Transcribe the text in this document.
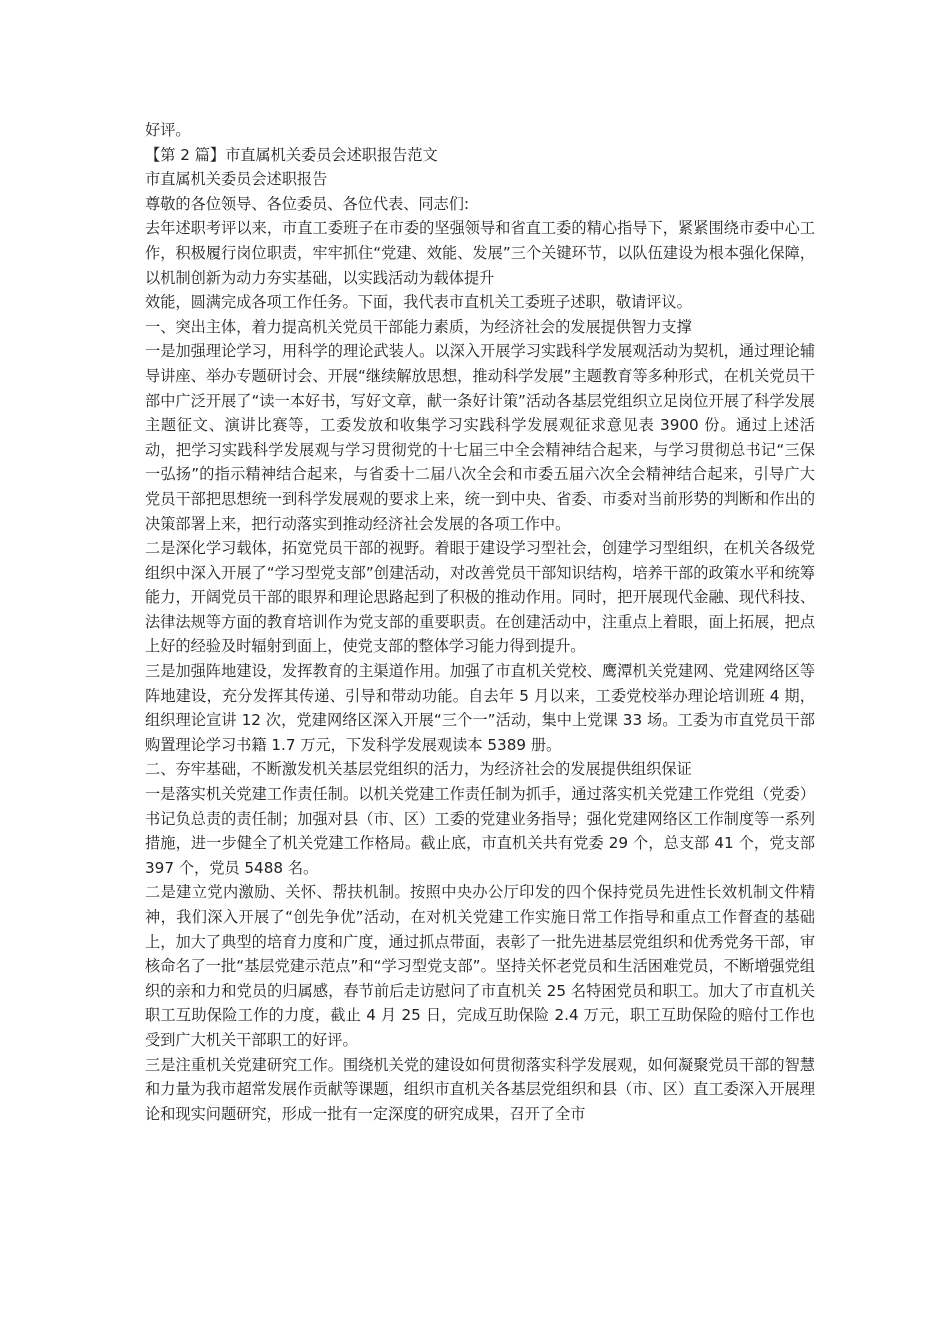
好评。

【第 2 篇】市直属机关委员会述职报告范文

市直属机关委员会述职报告

尊敬的各位领导、各位委员、各位代表、同志们:

去年述职考评以来，市直工委班子在市委的坚强领导和省直工委的精心指导下，紧紧围绕市委中心工作，积极履行岗位职责，牢牢抓住“党建、效能、发展”三个关键环节，以队伍建设为根本强化保障，以机制创新为动力夯实基础，以实践活动为载体提升

效能，圆满完成各项工作任务。下面，我代表市直机关工委班子述职，敬请评议。

一、突出主体，着力提高机关党员干部能力素质，为经济社会的发展提供智力支撑

一是加强理论学习，用科学的理论武装人。以深入开展学习实践科学发展观活动为契机，通过理论辅导讲座、举办专题研讨会、开展“继续解放思想，推动科学发展”主题教育等多种形式，在机关党员干部中广泛开展了“读一本好书，写好文章，献一条好计策”活动各基层党组织立足岗位开展了科学发展主题征文、演讲比赛等，工委发放和收集学习实践科学发展观征求意见表 3900 份。通过上述活动，把学习实践科学发展观与学习贯彻党的十七届三中全会精神结合起来，与学习贯彻总书记“三保一弘扬”的指示精神结合起来，与省委十二届八次全会和市委五届六次全会精神结合起来，引导广大党员干部把思想统一到科学发展观的要求上来，统一到中央、省委、市委对当前形势的判断和作出的决策部署上来，把行动落实到推动经济社会发展的各项工作中。

二是深化学习载体，拓宽党员干部的视野。着眼于建设学习型社会，创建学习型组织，在机关各级党组织中深入开展了“学习型党支部”创建活动，对改善党员干部知识结构，培养干部的政策水平和统筹能力，开阔党员干部的眼界和理论思路起到了积极的推动作用。同时，把开展现代金融、现代科技、法律法规等方面的教育培训作为党支部的重要职责。在创建活动中，注重点上着眼，面上拓展，把点上好的经验及时辐射到面上，使党支部的整体学习能力得到提升。

三是加强阵地建设，发挥教育的主渠道作用。加强了市直机关党校、鹰潭机关党建网、党建网络区等阵地建设，充分发挥其传递、引导和带动功能。自去年 5 月以来，工委党校举办理论培训班 4 期，组织理论宣讲 12 次，党建网络区深入开展“三个一”活动，集中上党课 33 场。工委为市直党员干部购置理论学习书籍 1.7 万元，下发科学发展观读本 5389 册。

二、夯牢基础，不断激发机关基层党组织的活力，为经济社会的发展提供组织保证

一是落实机关党建工作责任制。以机关党建工作责任制为抓手，通过落实机关党建工作党组（党委）书记负总责的责任制；加强对县（市、区）工委的党建业务指导；强化党建网络区工作制度等一系列措施，进一步健全了机关党建工作格局。截止底，市直机关共有党委 29 个，总支部 41 个，党支部 397 个，党员 5488 名。

二是建立党内激励、关怀、帮扶机制。按照中央办公厅印发的四个保持党员先进性长效机制文件精神，我们深入开展了“创先争优”活动，在对机关党建工作实施日常工作指导和重点工作督查的基础上，加大了典型的培育力度和广度，通过抓点带面，表彰了一批先进基层党组织和优秀党务干部，审核命名了一批“基层党建示范点”和“学习型党支部”。坚持关怀老党员和生活困难党员，不断增强党组织的亲和力和党员的归属感，春节前后走访慰问了市直机关 25 名特困党员和职工。加大了市直机关职工互助保险工作的力度，截止 4 月 25 日，完成互助保险 2.4 万元，职工互助保险的赔付工作也受到广大机关干部职工的好评。

三是注重机关党建研究工作。围绕机关党的建设如何贯彻落实科学发展观，如何凝聚党员干部的智慧和力量为我市超常发展作贡献等课题，组织市直机关各基层党组织和县（市、区）直工委深入开展理论和现实问题研究，形成一批有一定深度的研究成果，召开了全市
